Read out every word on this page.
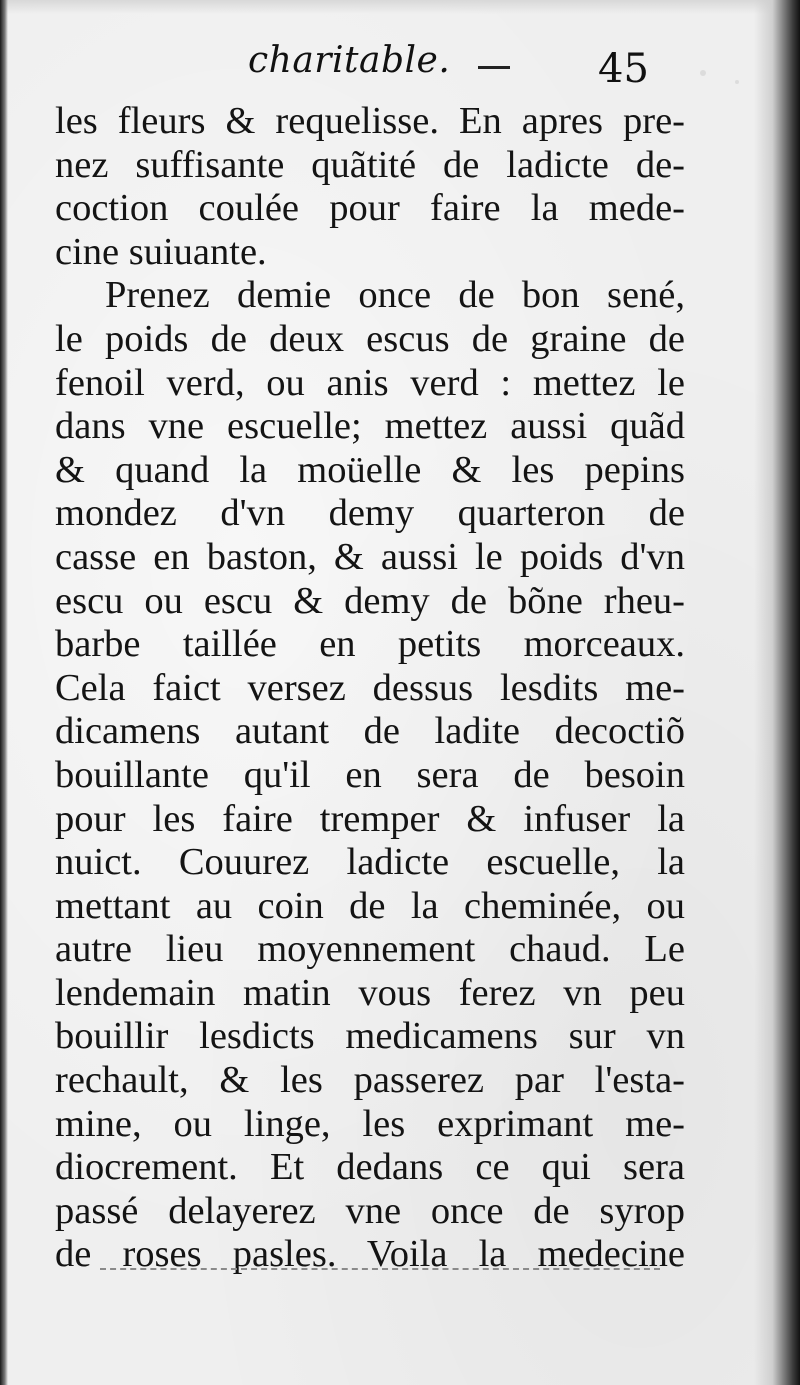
charitable.	45
les fleurs & requelisse. En apres pre-
nez suffisante quãtité de ladicte de-
coction coulée pour faire la mede-
cine suiuante.
Prenez demie once de bon sené,
le poids de deux escus de graine de
fenoil verd, ou anis verd : mettez le
dans vne escuelle; mettez aussi quãd
& quand la moüelle & les pepins
mondez d'vn demy quarteron de
casse en baston, & aussi le poids d'vn
escu ou escu & demy de bõne rheu-
barbe taillée en petits morceaux.
Cela faict versez dessus lesdits me-
dicamens autant de ladite decoctiõ
bouillante qu'il en sera de besoin
pour les faire tremper & infuser la
nuict. Couurez ladicte escuelle, la
mettant au coin de la cheminée, ou
autre lieu moyennement chaud. Le
lendemain matin vous ferez vn peu
bouillir lesdicts medicamens sur vn
rechault, & les passerez par l'esta-
mine, ou linge, les exprimant me-
diocrement. Et dedans ce qui sera
passé delayerez vne once de syrop
de roses pasles. Voila la medecine
